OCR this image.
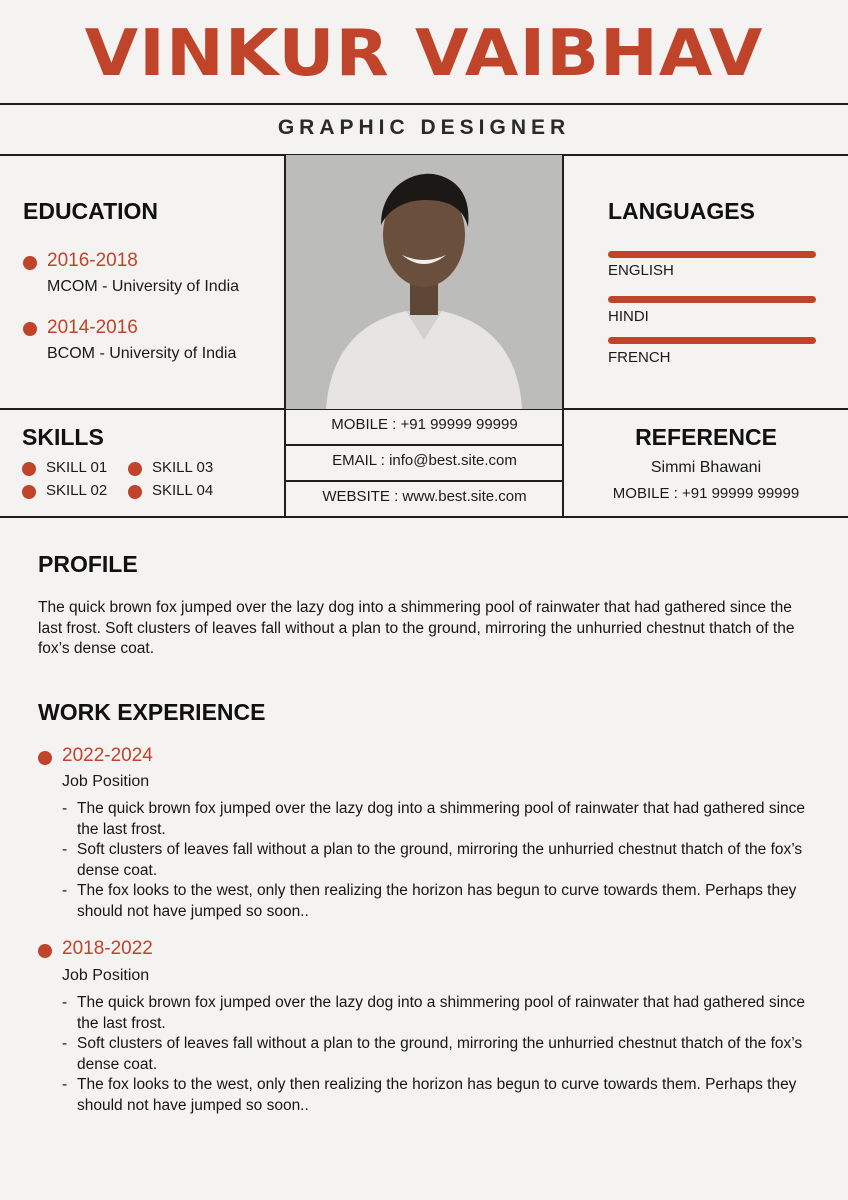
VINKUR VAIBHAV
GRAPHIC DESIGNER
EDUCATION
2016-2018
MCOM - University of India
2014-2016
BCOM - University of India
LANGUAGES
ENGLISH
HINDI
FRENCH
SKILLS
SKILL 01	SKILL 03
SKILL 02	SKILL 04
MOBILE : +91 99999 99999
EMAIL : info@best.site.com
WEBSITE : www.best.site.com
REFERENCE
Simmi Bhawani
MOBILE : +91 99999 99999
PROFILE
The quick brown fox jumped over the lazy dog into a shimmering pool of rainwater that had gathered since the last frost. Soft clusters of leaves fall without a plan to the ground, mirroring the unhurried chestnut thatch of the fox’s dense coat.
WORK EXPERIENCE
2022-2024
Job Position
- The quick brown fox jumped over the lazy dog into a shimmering pool of rainwater that had gathered since the last frost.
- Soft clusters of leaves fall without a plan to the ground, mirroring the unhurried chestnut thatch of the fox’s dense coat.
- The fox looks to the west, only then realizing the horizon has begun to curve towards them. Perhaps they should not have jumped so soon..
2018-2022
Job Position
- The quick brown fox jumped over the lazy dog into a shimmering pool of rainwater that had gathered since the last frost.
- Soft clusters of leaves fall without a plan to the ground, mirroring the unhurried chestnut thatch of the fox’s dense coat.
- The fox looks to the west, only then realizing the horizon has begun to curve towards them. Perhaps they should not have jumped so soon..
